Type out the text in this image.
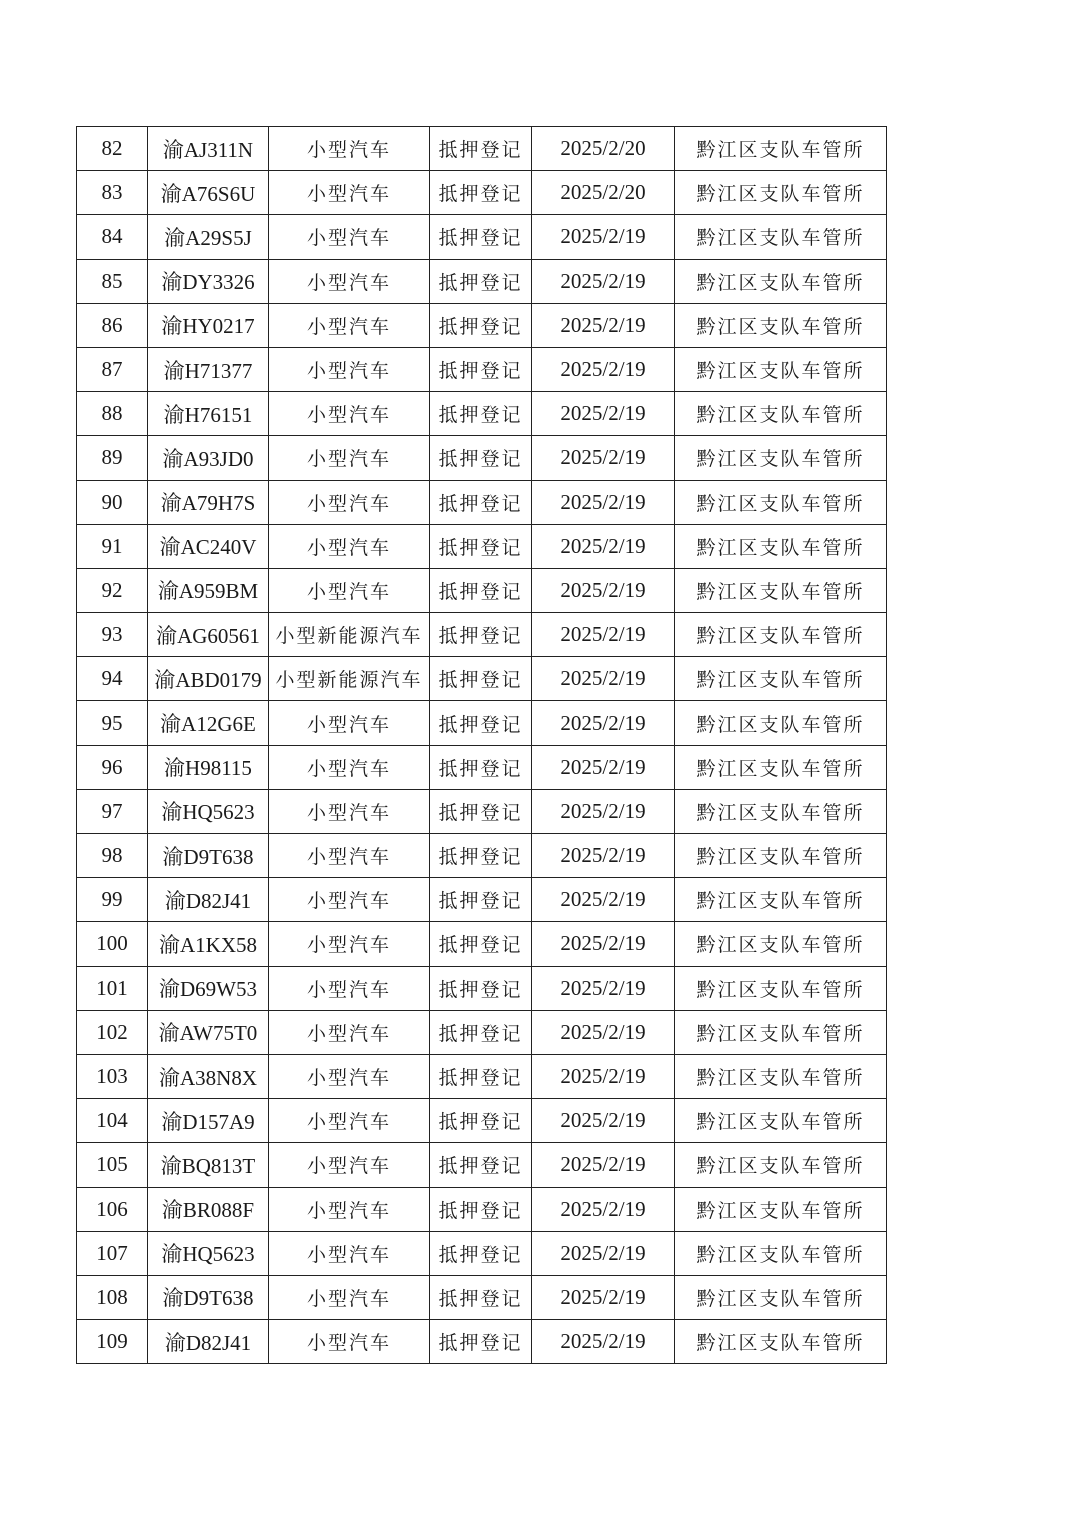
82	渝AJ311N	小型汽车	抵押登记	2025/2/20	黔江区支队车管所
83	渝A76S6U	小型汽车	抵押登记	2025/2/20	黔江区支队车管所
84	渝A29S5J	小型汽车	抵押登记	2025/2/19	黔江区支队车管所
85	渝DY3326	小型汽车	抵押登记	2025/2/19	黔江区支队车管所
86	渝HY0217	小型汽车	抵押登记	2025/2/19	黔江区支队车管所
87	渝H71377	小型汽车	抵押登记	2025/2/19	黔江区支队车管所
88	渝H76151	小型汽车	抵押登记	2025/2/19	黔江区支队车管所
89	渝A93JD0	小型汽车	抵押登记	2025/2/19	黔江区支队车管所
90	渝A79H7S	小型汽车	抵押登记	2025/2/19	黔江区支队车管所
91	渝AC240V	小型汽车	抵押登记	2025/2/19	黔江区支队车管所
92	渝A959BM	小型汽车	抵押登记	2025/2/19	黔江区支队车管所
93	渝AG60561	小型新能源汽车	抵押登记	2025/2/19	黔江区支队车管所
94	渝ABD0179	小型新能源汽车	抵押登记	2025/2/19	黔江区支队车管所
95	渝A12G6E	小型汽车	抵押登记	2025/2/19	黔江区支队车管所
96	渝H98115	小型汽车	抵押登记	2025/2/19	黔江区支队车管所
97	渝HQ5623	小型汽车	抵押登记	2025/2/19	黔江区支队车管所
98	渝D9T638	小型汽车	抵押登记	2025/2/19	黔江区支队车管所
99	渝D82J41	小型汽车	抵押登记	2025/2/19	黔江区支队车管所
100	渝A1KX58	小型汽车	抵押登记	2025/2/19	黔江区支队车管所
101	渝D69W53	小型汽车	抵押登记	2025/2/19	黔江区支队车管所
102	渝AW75T0	小型汽车	抵押登记	2025/2/19	黔江区支队车管所
103	渝A38N8X	小型汽车	抵押登记	2025/2/19	黔江区支队车管所
104	渝D157A9	小型汽车	抵押登记	2025/2/19	黔江区支队车管所
105	渝BQ813T	小型汽车	抵押登记	2025/2/19	黔江区支队车管所
106	渝BR088F	小型汽车	抵押登记	2025/2/19	黔江区支队车管所
107	渝HQ5623	小型汽车	抵押登记	2025/2/19	黔江区支队车管所
108	渝D9T638	小型汽车	抵押登记	2025/2/19	黔江区支队车管所
109	渝D82J41	小型汽车	抵押登记	2025/2/19	黔江区支队车管所
